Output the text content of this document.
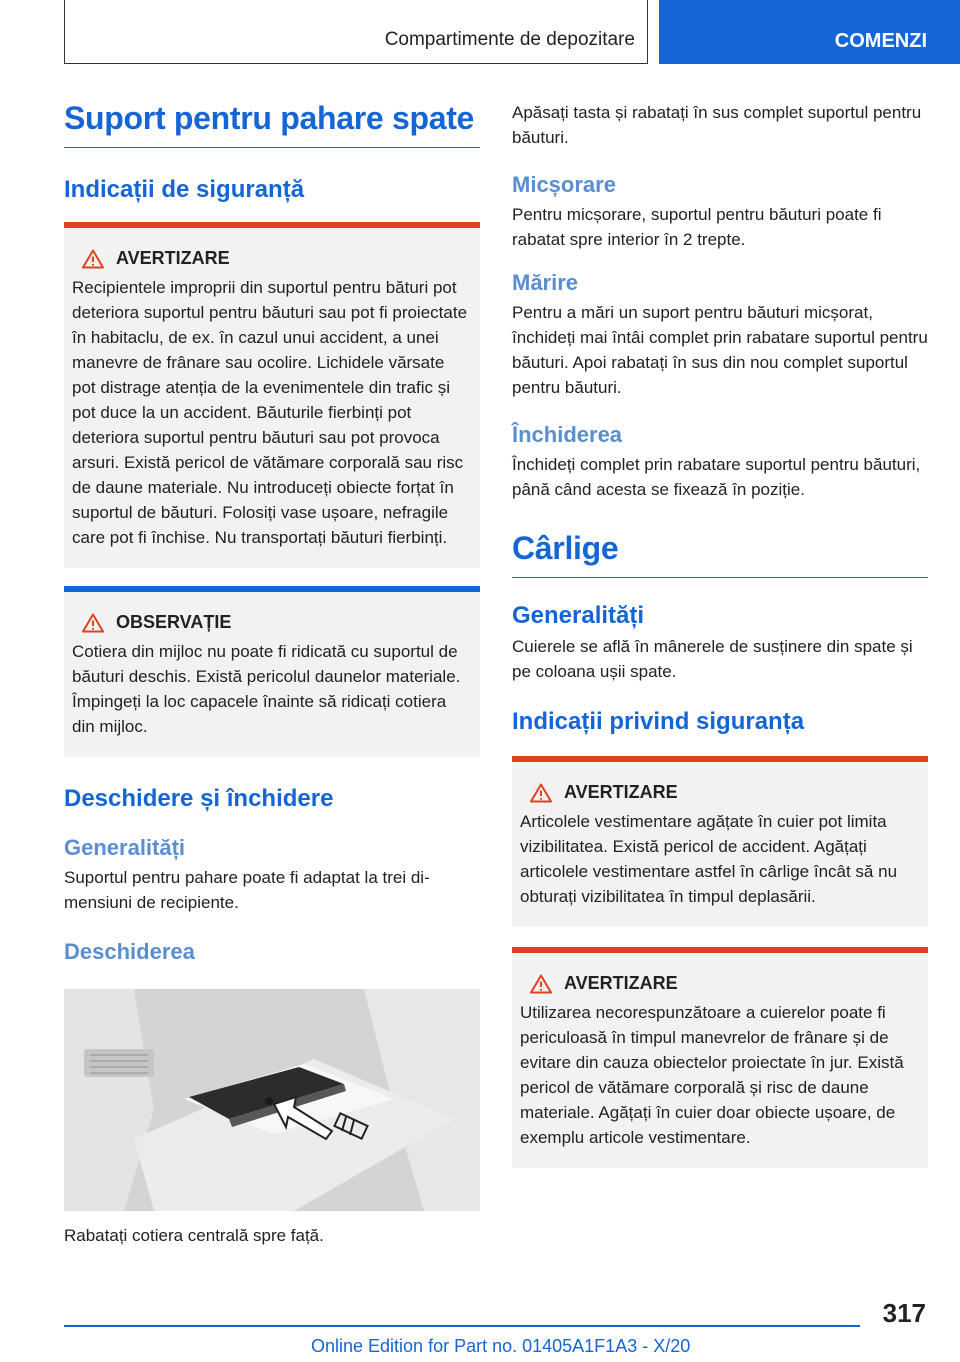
Compartimente de depozitare	COMENZI
Suport pentru pahare spate
Indicații de siguranță
AVERTIZARE

Recipientele improprii din suportul pentru bături pot deteriora suportul pentru băuturi sau pot fi proiectate în habitaclu, de ex. în cazul unui accident, a unei manevre de frânare sau ocolire. Lichidele vărsate pot distrage atenția de la evenimentele din trafic și pot duce la un accident. Băuturile fierbinți pot deteriora suportul pentru băuturi sau pot provoca arsuri. Există pericol de vătămare corporală sau risc de daune materiale. Nu introduceți obiecte forțat în suportul de băuturi. Folosiți vase ușoare, nefragile care pot fi închise. Nu transportați băuturi fierbinți.

OBSERVAȚIE

Cotiera din mijloc nu poate fi ridicată cu suportul de băuturi deschis. Există pericolul daunelor materiale. Împingeți la loc capacele înainte să ridicați cotiera din mijloc.

Deschidere și închidere
Generalități

Suportul pentru pahare poate fi adaptat la trei dimensiuni de recipiente.

Deschiderea

Rabatați cotiera centrală spre față.

Apăsați tasta și rabatați în sus complet suportul pentru băuturi.

Micșorare

Pentru micșorare, suportul pentru băuturi poate fi rabatat spre interior în 2 trepte.

Mărire

Pentru a mări un suport pentru băuturi micșorat, închideți mai întâi complet prin rabatare suportul pentru băuturi. Apoi rabatați în sus din nou complet suportul pentru băuturi.

Închiderea

Închideți complet prin rabatare suportul pentru băuturi, până când acesta se fixează în poziție.

Cârlige
Generalități

Cuierele se află în mânerele de susținere din spate și pe coloana ușii spate.

Indicații privind siguranța
AVERTIZARE

Articolele vestimentare agățate în cuier pot limita vizibilitatea. Există pericol de accident. Agățați articolele vestimentare astfel în cârlige încât să nu obturați vizibilitatea în timpul deplasării.

AVERTIZARE

Utilizarea necorespunzătoare a cuierelor poate fi periculoasă în timpul manevrelor de frânare și de evitare din cauza obiectelor proiectate în jur. Există pericol de vătămare corporală și risc de daune materiale. Agățați în cuier doar obiecte ușoare, de exemplu articole vestimentare.

317
Online Edition for Part no. 01405A1F1A3 - X/20
